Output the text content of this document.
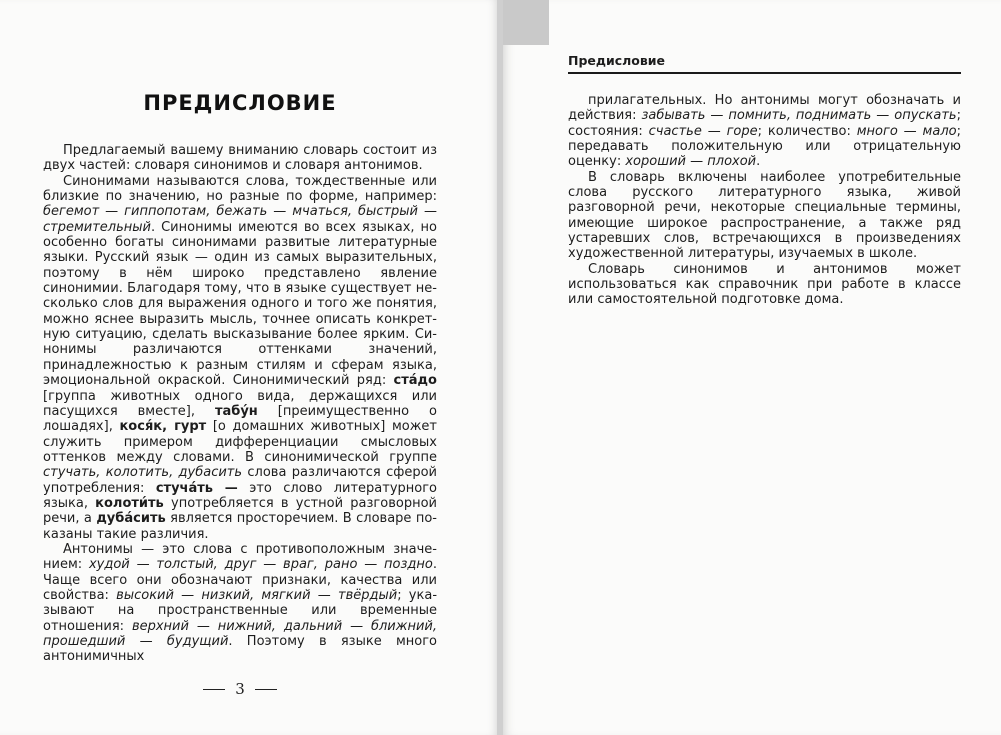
ПРЕДИСЛОВИЕ

Предлагаемый вашему вниманию словарь состоит из двух частей: словаря синонимов и словаря антонимов.

Синонимами называются слова, тождественные или близкие по значению, но разные по форме, например: бегемот — гиппопотам, бежать — мчаться, быстрый — стремительный. Синонимы имеются во всех языках, но особенно богаты синонимами развитые литературные языки. Русский язык — один из самых выразительных, поэтому в нём широко представлено явление синонимии. Благодаря тому, что в языке существует несколько слов для выражения одного и того же понятия, можно яснее выразить мысль, точнее описать конкретную ситуацию, сделать высказывание более ярким. Синонимы различаются оттенками значений, принадлежностью к разным стилям и сферам языка, эмоциональной окраской. Синонимический ряд: ста́до [группа животных одного вида, держащихся или пасущихся вместе], табу́н [преимущественно о лошадях], кося́к, гурт [о домашних животных] может служить примером дифференциации смысловых оттенков между словами. В синонимической группе стучать, колотить, дубасить слова различаются сферой употребления: стуча́ть — это слово литературного языка, колоти́ть употребляется в устной разговорной речи, а дуба́сить является просторечием. В словаре показаны такие различия.

Антонимы — это слова с противоположным значением: худой — толстый, друг — враг, рано — поздно. Чаще всего они обозначают признаки, качества или свойства: высокий — низкий, мягкий — твёрдый; указывают на пространственные или временные отношения: верхний — нижний, дальний — ближний, прошедший — будущий. Поэтому в языке много антонимичных

3
Предисловие

прилагательных. Но антонимы могут обозначать и действия: забывать — помнить, поднимать — опускать; состояния: счастье — горе; количество: много — мало; передавать положительную или отрицательную оценку: хороший — плохой.

В словарь включены наиболее употребительные слова русского литературного языка, живой разговорной речи, некоторые специальные термины, имеющие широкое распространение, а также ряд устаревших слов, встречающихся в произведениях художественной литературы, изучаемых в школе.

Словарь синонимов и антонимов может использоваться как справочник при работе в классе или самостоятельной подготовке дома.
